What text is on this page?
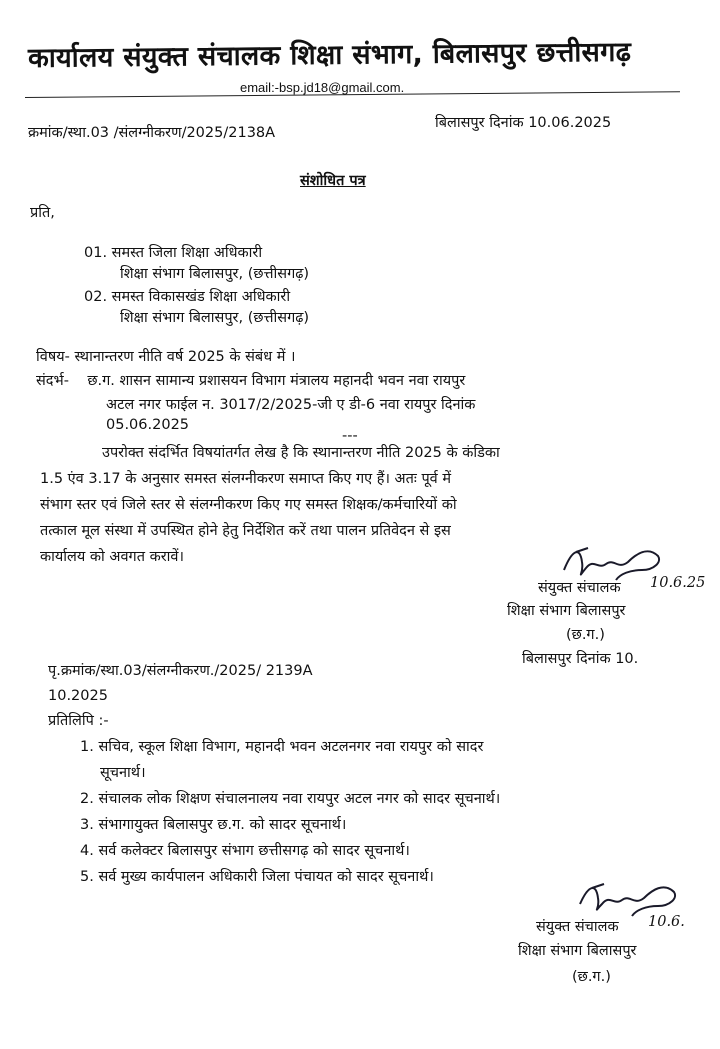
कार्यालय संयुक्त संचालक शिक्षा संभाग, बिलासपुर छत्तीसगढ़
email:-bsp.jd18@gmail.com.
क्रमांक/स्था.03 /संलग्नीकरण/2025/2138A
बिलासपुर दिनांक 10.06.2025
संशोधित पत्र
प्रति,
01. समस्त जिला शिक्षा अधिकारी
शिक्षा संभाग बिलासपुर, (छत्तीसगढ़)
02. समस्त विकासखंड शिक्षा अधिकारी
शिक्षा संभाग बिलासपुर, (छत्तीसगढ़)
विषय- स्थानान्तरण नीति वर्ष 2025 के संबंध में ।
संदर्भ-    छ.ग. शासन सामान्य प्रशासयन विभाग मंत्रालय महानदी भवन नवा रायपुर
अटल नगर फाईल न. 3017/2/2025-जी ए डी-6 नवा रायपुर दिनांक
05.06.2025
---
उपरोक्त संदर्भित विषयांतर्गत लेख है कि स्थानान्तरण नीति 2025 के कंडिका
1.5 एंव 3.17 के अनुसार समस्त संलग्नीकरण समाप्त किए गए हैं। अतः पूर्व में
संभाग स्तर एवं जिले स्तर से संलग्नीकरण किए गए समस्त शिक्षक/कर्मचारियों को
तत्काल मूल संस्था में उपस्थित होने हेतु निर्देशित करें तथा पालन प्रतिवेदन से इस
कार्यालय को अवगत करावें।
संयुक्त संचालक 10.6.25
शिक्षा संभाग बिलासपुर
(छ.ग.)
पृ.क्रमांक/स्था.03/संलग्नीकरण./2025/ 2139A
बिलासपुर दिनांक 10.
10.2025
प्रतिलिपि :-
1. सचिव, स्कूल शिक्षा विभाग, महानदी भवन अटलनगर नवा रायपुर को सादर
सूचनार्थ।
2. संचालक लोक शिक्षण संचालनालय नवा रायपुर अटल नगर को सादर सूचनार्थ।
3. संभागायुक्त बिलासपुर छ.ग. को सादर सूचनार्थ।
4. सर्व कलेक्टर बिलासपुर संभाग छत्तीसगढ़ को सादर सूचनार्थ।
5. सर्व मुख्य कार्यपालन अधिकारी जिला पंचायत को सादर सूचनार्थ।
संयुक्त संचालक 10.6.
शिक्षा संभाग बिलासपुर
(छ.ग.)
